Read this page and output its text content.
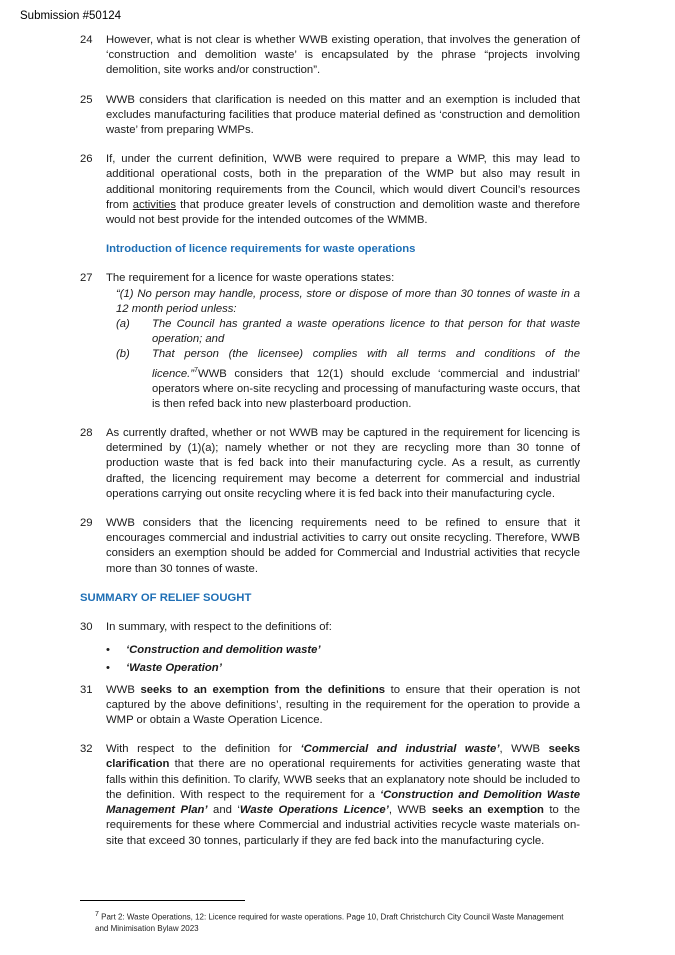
Submission #50124
24	However, what is not clear is whether WWB existing operation, that involves the generation of ‘construction and demolition waste’ is encapsulated by the phrase “projects involving demolition, site works and/or construction”.
25	WWB considers that clarification is needed on this matter and an exemption is included that excludes manufacturing facilities that produce material defined as ‘construction and demolition waste’ from preparing WMPs.
26	If, under the current definition, WWB were required to prepare a WMP, this may lead to additional operational costs, both in the preparation of the WMP but also may result in additional monitoring requirements from the Council, which would divert Council’s resources from activities that produce greater levels of construction and demolition waste and therefore would not best provide for the intended outcomes of the WMMB.
Introduction of licence requirements for waste operations
27	The requirement for a licence for waste operations states:
“(1) No person may handle, process, store or dispose of more than 30 tonnes of waste in a 12 month period unless:
(a)	The Council has granted a waste operations licence to that person for that waste operation; and
(b)	That person (the licensee) complies with all terms and conditions of the licence.”$^7$WWB considers that 12(1) should exclude ‘commercial and industrial’ operators where on-site recycling and processing of manufacturing waste occurs, that is then refed back into new plasterboard production.
28	As currently drafted, whether or not WWB may be captured in the requirement for licencing is determined by (1)(a); namely whether or not they are recycling more than 30 tonne of production waste that is fed back into their manufacturing cycle. As a result, as currently drafted, the licencing requirement may become a deterrent for commercial and industrial operations carrying out onsite recycling where it is fed back into their manufacturing cycle.
29	WWB considers that the licencing requirements need to be refined to ensure that it encourages commercial and industrial activities to carry out onsite recycling. Therefore, WWB considers an exemption should be added for Commercial and Industrial activities that recycle more than 30 tonnes of waste.
SUMMARY OF RELIEF SOUGHT
30	In summary, with respect to the definitions of:
•	‘Construction and demolition waste’
•	‘Waste Operation’
31	WWB seeks to an exemption from the definitions to ensure that their operation is not captured by the above definitions’, resulting in the requirement for the operation to provide a WMP or obtain a Waste Operation Licence.
32	With respect to the definition for ‘Commercial and industrial waste’, WWB seeks clarification that there are no operational requirements for activities generating waste that falls within this definition. To clarify, WWB seeks that an explanatory note should be included to the definition. With respect to the requirement for a ‘Construction and Demolition Waste Management Plan’ and ‘Waste Operations Licence’, WWB seeks an exemption to the requirements for these where Commercial and industrial activities recycle waste materials on-site that exceed 30 tonnes, particularly if they are fed back into the manufacturing cycle.
$^7$ Part 2: Waste Operations, 12: Licence required for waste operations. Page 10, Draft Christchurch City Council Waste Management and Minimisation Bylaw 2023
